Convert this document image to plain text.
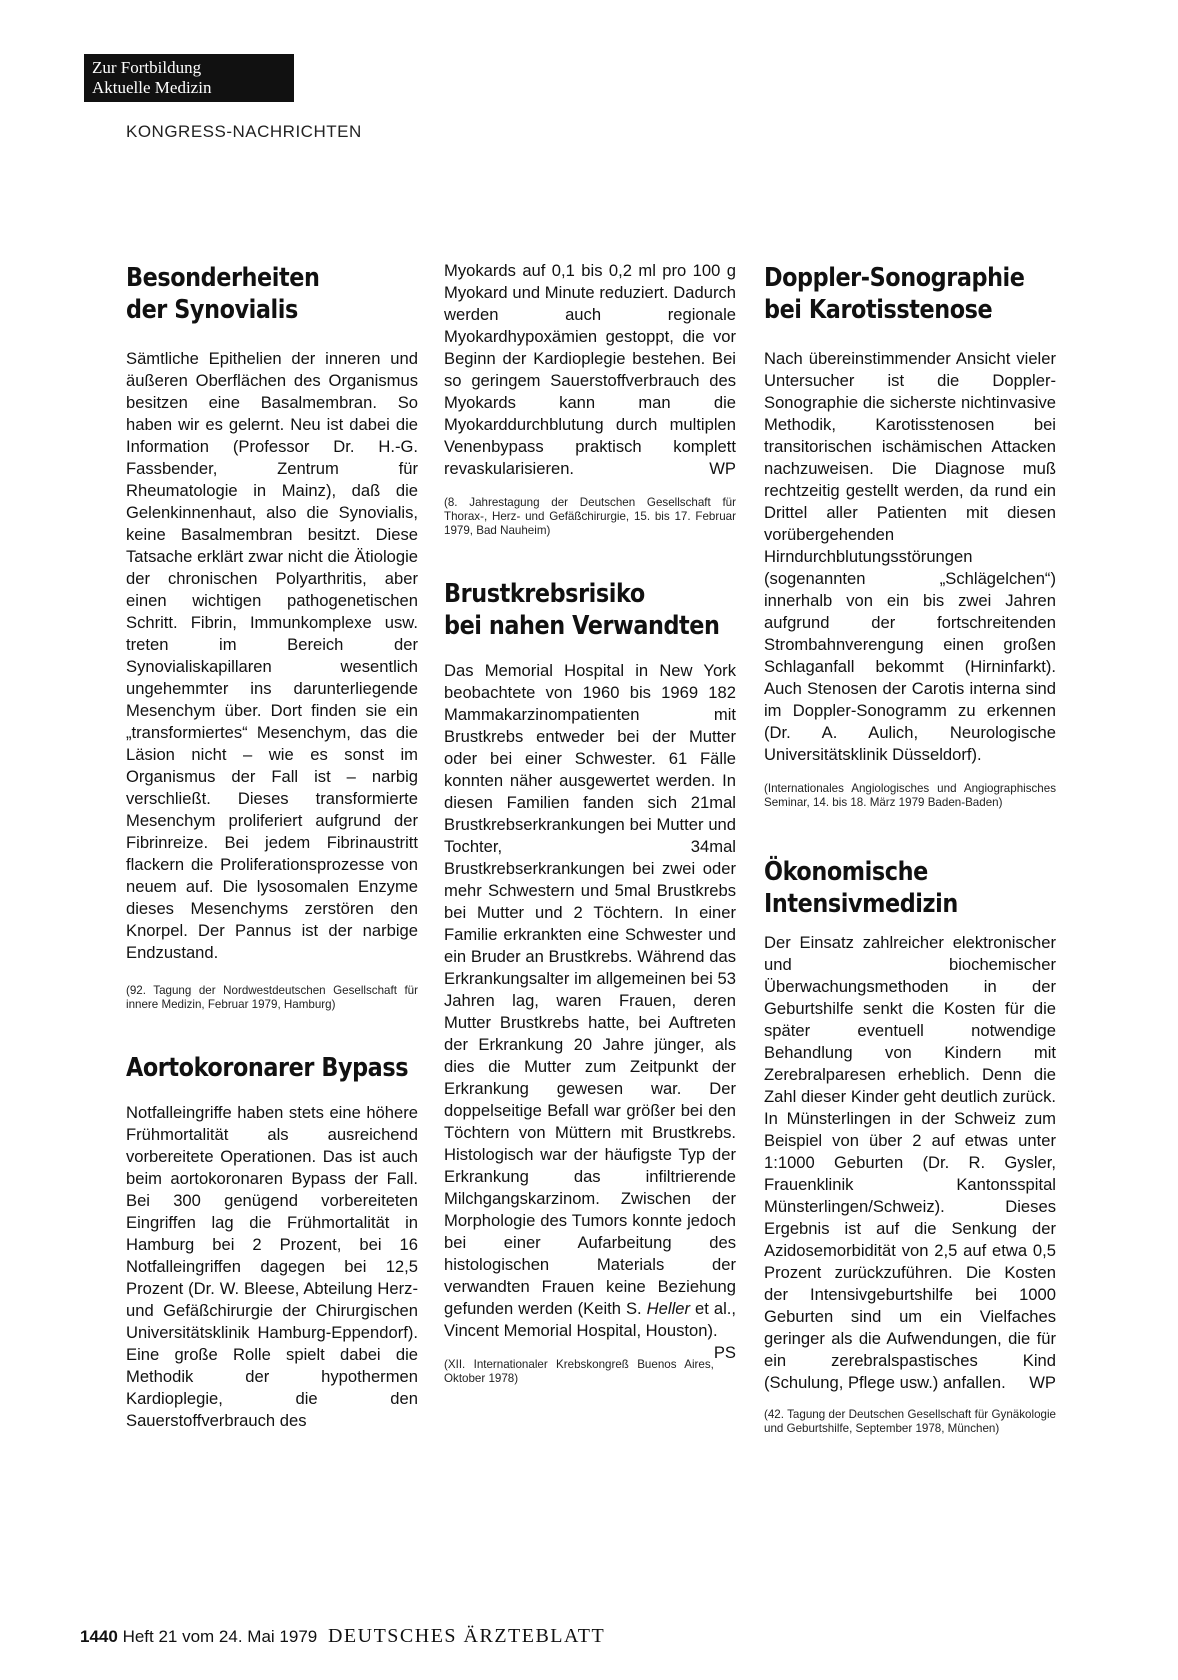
Zur Fortbildung
Aktuelle Medizin
KONGRESS-NACHRICHTEN
Besonderheiten
der Synovialis

Sämtliche Epithelien der inneren und äußeren Oberflächen des Organismus besitzen eine Basalmembran. So haben wir es gelernt. Neu ist dabei die Information (Professor Dr. H.-G. Fassbender, Zentrum für Rheumatologie in Mainz), daß die Gelenkinnenhaut, also die Synovialis, keine Basalmembran besitzt. Diese Tatsache erklärt zwar nicht die Ätiologie der chronischen Polyarthritis, aber einen wichtigen pathogenetischen Schritt. Fibrin, Immunkomplexe usw. treten im Bereich der Synovialiskapillaren wesentlich ungehemmter ins darunterliegende Mesenchym über. Dort finden sie ein „transformiertes“ Mesenchym, das die Läsion nicht – wie es sonst im Organismus der Fall ist – narbig verschließt. Dieses transformierte Mesenchym proliferiert aufgrund der Fibrinreize. Bei jedem Fibrinaustritt flackern die Proliferationsprozesse von neuem auf. Die lysosomalen Enzyme dieses Mesenchyms zerstören den Knorpel. Der Pannus ist der narbige Endzustand.

(92. Tagung der Nordwestdeutschen Gesellschaft für innere Medizin, Februar 1979, Hamburg)

Aortokoronarer Bypass

Notfalleingriffe haben stets eine höhere Frühmortalität als ausreichend vorbereitete Operationen. Das ist auch beim aortokoronaren Bypass der Fall. Bei 300 genügend vorbereiteten Eingriffen lag die Frühmortalität in Hamburg bei 2 Prozent, bei 16 Notfalleingriffen dagegen bei 12,5 Prozent (Dr. W. Bleese, Abteilung Herz- und Gefäßchirurgie der Chirurgischen Universitätsklinik Hamburg-Eppendorf). Eine große Rolle spielt dabei die Methodik der hypothermen Kardioplegie, die den Sauerstoffverbrauch des

Myokards auf 0,1 bis 0,2 ml pro 100 g Myokard und Minute reduziert. Dadurch werden auch regionale Myokardhypoxämien gestoppt, die vor Beginn der Kardioplegie bestehen. Bei so geringem Sauerstoffverbrauch des Myokards kann man die Myokarddurchblutung durch multiplen Venenbypass praktisch komplett revaskularisieren.	WP

(8. Jahrestagung der Deutschen Gesellschaft für Thorax-, Herz- und Gefäßchirurgie, 15. bis 17. Februar 1979, Bad Nauheim)

Brustkrebsrisiko
bei nahen Verwandten

Das Memorial Hospital in New York beobachtete von 1960 bis 1969 182 Mammakarzinompatienten mit Brustkrebs entweder bei der Mutter oder bei einer Schwester. 61 Fälle konnten näher ausgewertet werden. In diesen Familien fanden sich 21mal Brustkrebserkrankungen bei Mutter und Tochter, 34mal Brustkrebserkrankungen bei zwei oder mehr Schwestern und 5mal Brustkrebs bei Mutter und 2 Töchtern. In einer Familie erkrankten eine Schwester und ein Bruder an Brustkrebs. Während das Erkrankungsalter im allgemeinen bei 53 Jahren lag, waren Frauen, deren Mutter Brustkrebs hatte, bei Auftreten der Erkrankung 20 Jahre jünger, als dies die Mutter zum Zeitpunkt der Erkrankung gewesen war. Der doppelseitige Befall war größer bei den Töchtern von Müttern mit Brustkrebs. Histologisch war der häufigste Typ der Erkrankung das infiltrierende Milchgangskarzinom. Zwischen der Morphologie des Tumors konnte jedoch bei einer Aufarbeitung des histologischen Materials der verwandten Frauen keine Beziehung gefunden werden (Keith S. Heller et al., Vincent Memorial Hospital, Houston).
PS

(XII. Internationaler Krebskongreß Buenos Aires, Oktober 1978)

Doppler-Sonographie
bei Karotisstenose

Nach übereinstimmender Ansicht vieler Untersucher ist die Doppler-Sonographie die sicherste nichtinvasive Methodik, Karotisstenosen bei transitorischen ischämischen Attacken nachzuweisen. Die Diagnose muß rechtzeitig gestellt werden, da rund ein Drittel aller Patienten mit diesen vorübergehenden Hirndurchblutungsstörungen (sogenannten „Schlägelchen“) innerhalb von ein bis zwei Jahren aufgrund der fortschreitenden Strombahnverengung einen großen Schlaganfall bekommt (Hirninfarkt). Auch Stenosen der Carotis interna sind im Doppler-Sonogramm zu erkennen (Dr. A. Aulich, Neurologische Universitätsklinik Düsseldorf).

(Internationales Angiologisches und Angiographisches Seminar, 14. bis 18. März 1979 Baden-Baden)

Ökonomische
Intensivmedizin

Der Einsatz zahlreicher elektronischer und biochemischer Überwachungsmethoden in der Geburtshilfe senkt die Kosten für die später eventuell notwendige Behandlung von Kindern mit Zerebralparesen erheblich. Denn die Zahl dieser Kinder geht deutlich zurück. In Münsterlingen in der Schweiz zum Beispiel von über 2 auf etwas unter 1:1000 Geburten (Dr. R. Gysler, Frauenklinik Kantonsspital Münsterlingen/Schweiz). Dieses Ergebnis ist auf die Senkung der Azidosemorbidität von 2,5 auf etwa 0,5 Prozent zurückzuführen. Die Kosten der Intensivgeburtshilfe bei 1000 Geburten sind um ein Vielfaches geringer als die Aufwendungen, die für ein zerebralspastisches Kind (Schulung, Pflege usw.) anfallen. WP

(42. Tagung der Deutschen Gesellschaft für Gynäkologie und Geburtshilfe, September 1978, München)

1440 Heft 21 vom 24. Mai 1979 DEUTSCHES ÄRZTEBLATT
